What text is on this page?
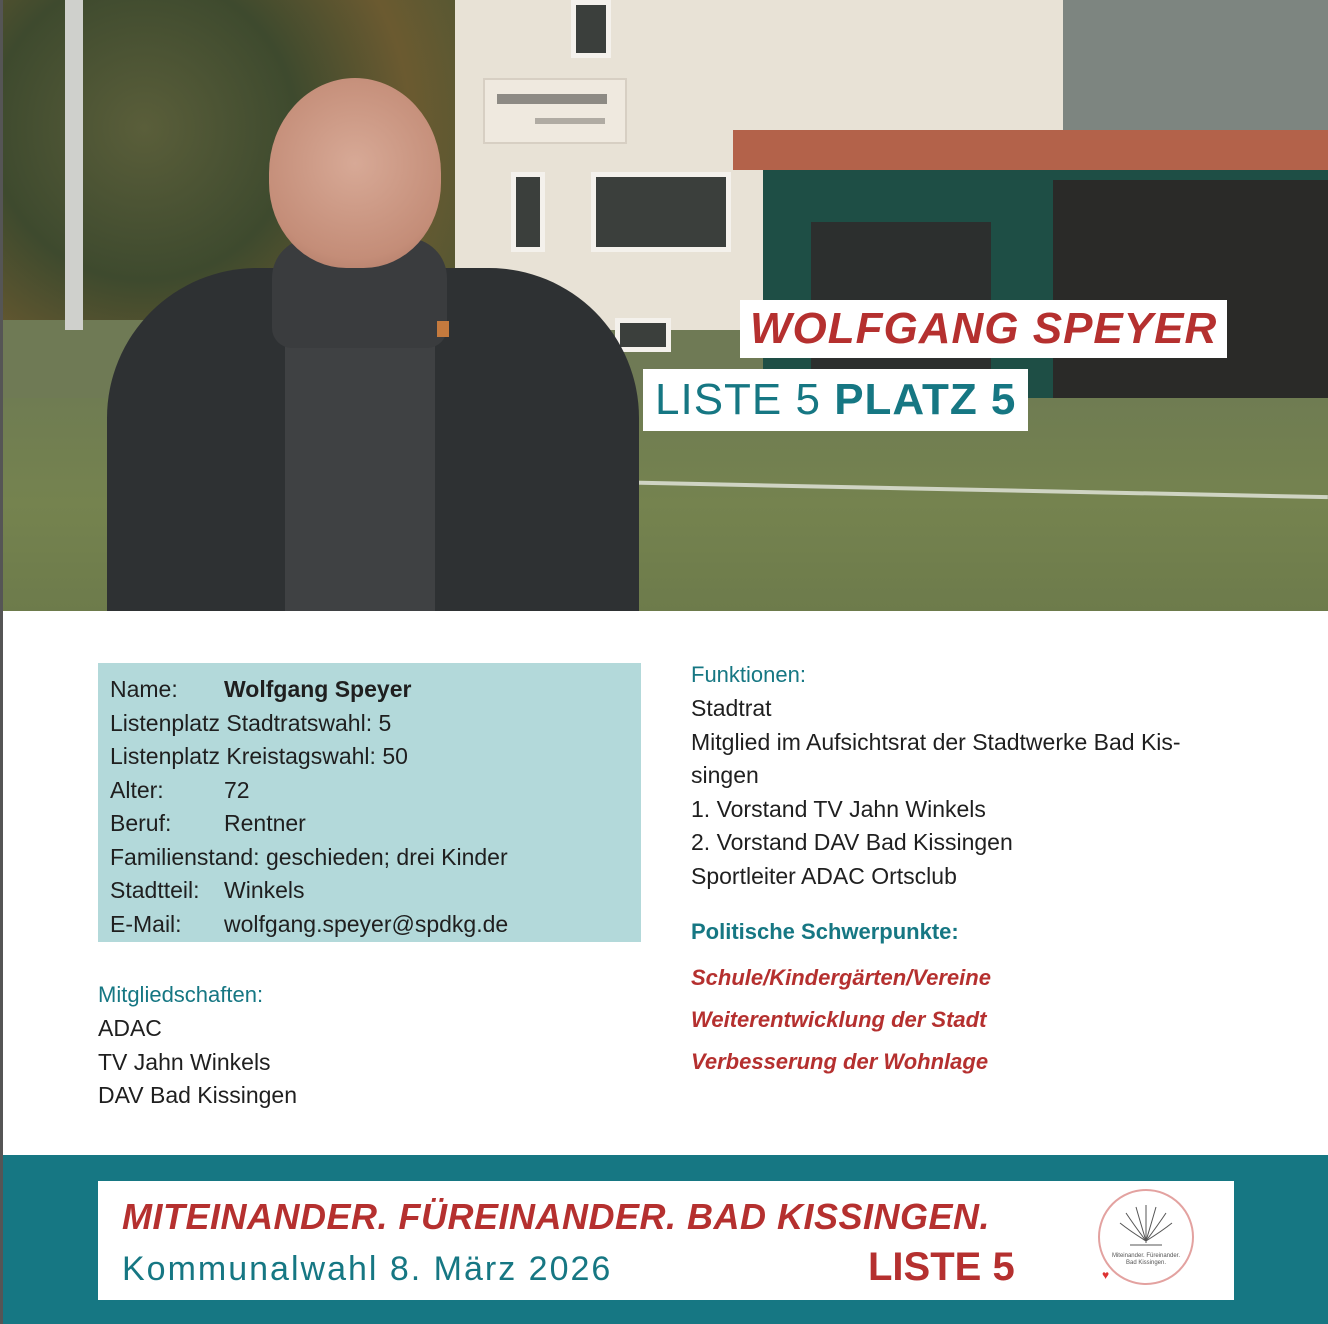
WOLFGANG SPEYER
LISTE 5 PLATZ 5
Name: Wolfgang Speyer
Listenplatz Stadtratswahl: 5
Listenplatz Kreistagswahl: 50
Alter:	72
Beruf: Rentner
Familienstand: geschieden; drei Kinder
Stadtteil: Winkels
E-Mail: wolfgang.speyer@spdkg.de
Mitgliedschaften:
ADAC
TV Jahn Winkels
DAV Bad Kissingen
Funktionen:
Stadtrat
Mitglied im Aufsichtsrat der Stadtwerke Bad Kis-
singen
1. Vorstand TV Jahn Winkels
2. Vorstand DAV Bad Kissingen
Sportleiter ADAC Ortsclub
Politische Schwerpunkte:
Schule/Kindergärten/Vereine
Weiterentwicklung der Stadt
Verbesserung der Wohnlage
MITEINANDER. FÜREINANDER. BAD KISSINGEN.
Kommunalwahl 8. März 2026	LISTE 5	Miteinander. Füreinander.
Bad Kissingen.
♥
